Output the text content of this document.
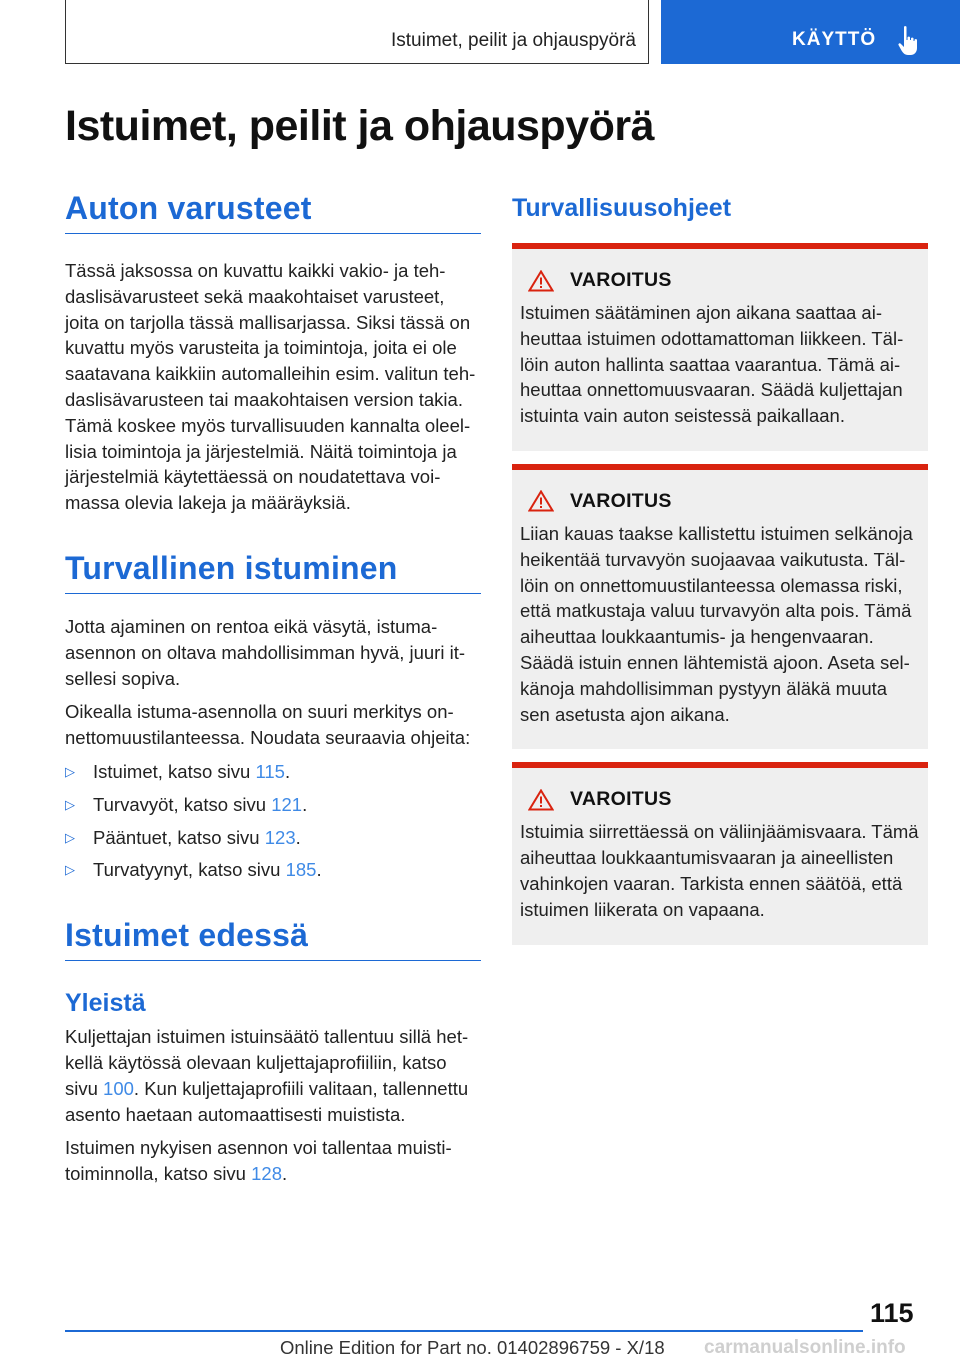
Istuimet, peilit ja ohjauspyörä	KÄYTTÖ
Istuimet, peilit ja ohjauspyörä
Auton varusteet

Tässä jaksossa on kuvattu kaikki vakio- ja tehdaslisävarusteet sekä maakohtaiset varusteet, joita on tarjolla tässä mallisarjassa. Siksi tässä on kuvattu myös varusteita ja toimintoja, joita ei ole saatavana kaikkiin automalleihin esim. valitun tehdaslisävarusteen tai maakohtaisen version takia. Tämä koskee myös turvallisuuden kannalta oleellisia toimintoja ja järjestelmiä. Näitä toimintoja ja järjestelmiä käytettäessä on noudatettava voimassa olevia lakeja ja määräyksiä.

Turvallinen istuminen

Jotta ajaminen on rentoa eikä väsytä, istuma-asennon on oltava mahdollisimman hyvä, juuri itsellesi sopiva.

Oikealla istuma-asennolla on suuri merkitys onnettomuustilanteessa. Noudata seuraavia ohjeita:

▷ Istuimet, katso sivu 115.
▷ Turvavyöt, katso sivu 121.
▷ Pääntuet, katso sivu 123.
▷ Turvatyynyt, katso sivu 185.
Istuimet edessä
Yleistä

Kuljettajan istuimen istuinsäätö tallentuu sillä hetkellä käytössä olevaan kuljettajaprofiiliin, katso sivu 100. Kun kuljettajaprofiili valitaan, tallennettu asento haetaan automaattisesti muistista.

Istuimen nykyisen asennon voi tallentaa muistitoiminnolla, katso sivu 128.

Turvallisuusohjeet
VAROITUS

Istuimen säätäminen ajon aikana saattaa aiheuttaa istuimen odottamattoman liikkeen. Tällöin auton hallinta saattaa vaarantua. Tämä aiheuttaa onnettomuusvaaran. Säädä kuljettajan istuinta vain auton seistessä paikallaan.

VAROITUS

Liian kauas taakse kallistettu istuimen selkänoja heikentää turvavyön suojaavaa vaikutusta. Tällöin on onnettomuustilanteessa olemassa riski, että matkustaja valuu turvavyön alta pois. Tämä aiheuttaa loukkaantumis- ja hengenvaaran. Säädä istuin ennen lähtemistä ajoon. Aseta selkänoja mahdollisimman pystyyn äläkä muuta sen asetusta ajon aikana.

VAROITUS

Istuimia siirrettäessä on väliinjäämisvaara. Tämä aiheuttaa loukkaantumisvaaran ja aineellisten vahinkojen vaaran. Tarkista ennen säätöä, että istuimen liikerata on vapaana.

115
Online Edition for Part no. 01402896759 - X/18 carmanualsonline.info
